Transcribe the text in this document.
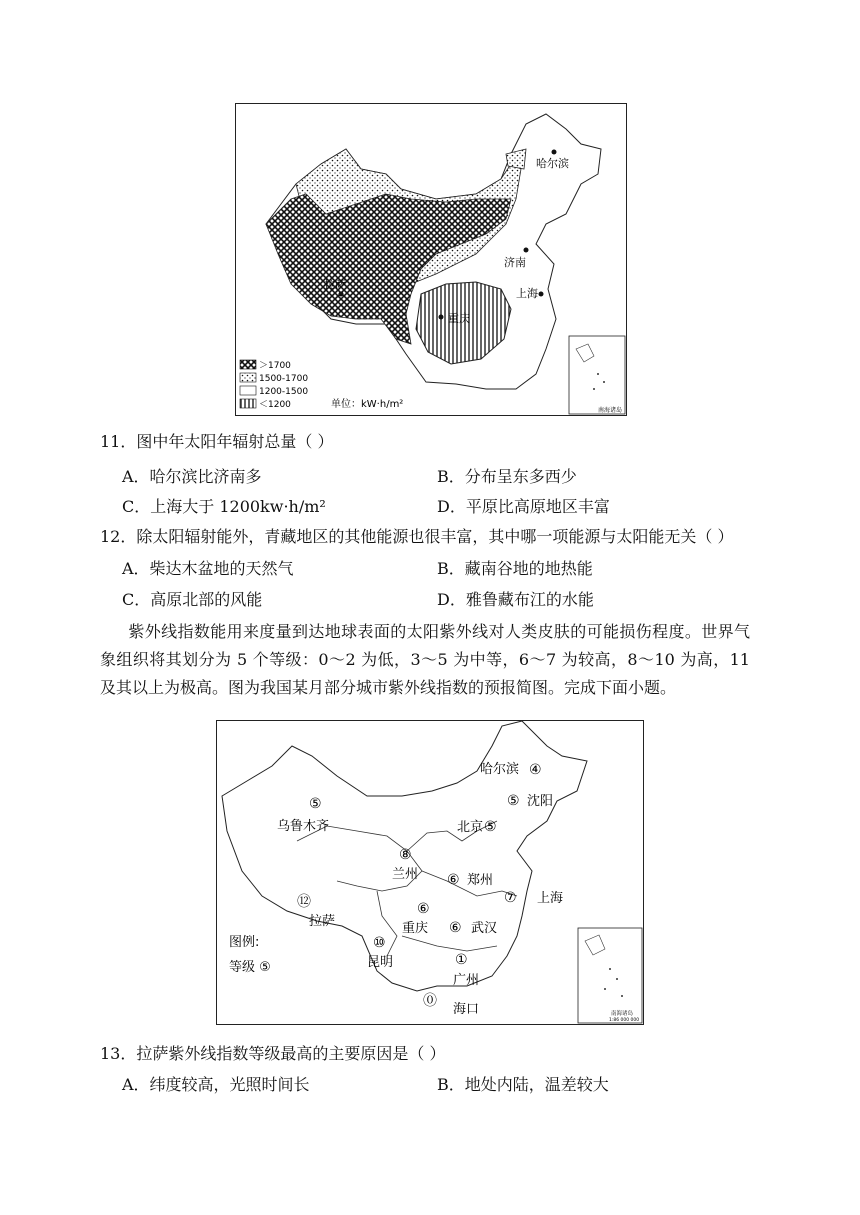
哈尔滨
济南
上海
拉萨
重庆
＞1700
1500-1700
1200-1500
＜1200	单位：kW·h/m²
南海诸岛
11．图中年太阳年辐射总量（ ）
A．哈尔滨比济南多	B．分布呈东多西少
C．上海大于 1200kw·h/m²	D．平原比高原地区丰富
12．除太阳辐射能外，青藏地区的其他能源也很丰富，其中哪一项能源与太阳能无关（ ）
A．柴达木盆地的天然气	B．藏南谷地的地热能
C．高原北部的风能	D．雅鲁藏布江的水能
紫外线指数能用来度量到达地球表面的太阳紫外线对人类皮肤的可能损伤程度。世界气象组织将其划分为 5 个等级：0～2 为低，3～5 为中等，6～7 为较高，8～10 为高，11 及其以上为极高。图为我国某月部分城市紫外线指数的预报简图。完成下面小题。
哈尔滨 ④
⑤ 沈阳
北京 ⑤
⑤
乌鲁木齐
⑧
兰州 ⑥ 郑州
⑦ 上海
⑫
拉萨
⑥
重庆 ⑥ 武汉
⑩
昆明	①
广州
⓪
海口
图例:
等级 ⑤
南海诸岛
1:86 000 000
13．拉萨紫外线指数等级最高的主要原因是（ ）
A．纬度较高，光照时间长	B．地处内陆，温差较大
